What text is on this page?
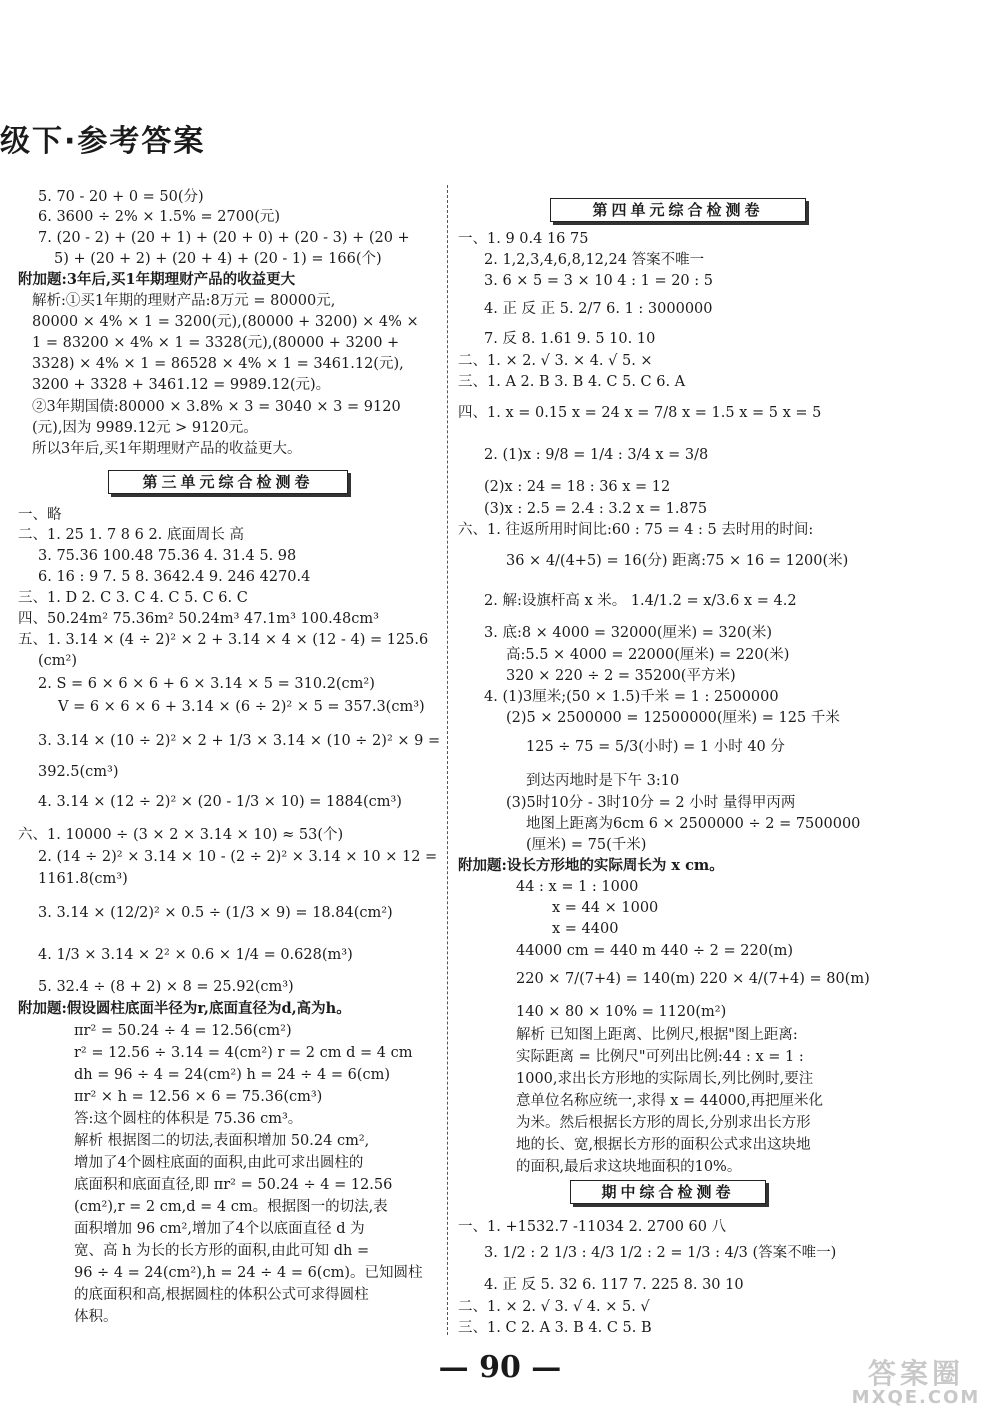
级下·参考答案
5. 70 - 20 + 0 = 50(分)
6. 3600 ÷ 2% × 1.5% = 2700(元)
7. (20 - 2) + (20 + 1) + (20 + 0) + (20 - 3) + (20 +
5) + (20 + 2) + (20 + 4) + (20 - 1) = 166(个)
附加题:3年后,买1年期理财产品的收益更大
解析:①买1年期的理财产品:8万元 = 80000元,
80000 × 4% × 1 = 3200(元),(80000 + 3200) × 4% ×
1 = 83200 × 4% × 1 = 3328(元),(80000 + 3200 +
3328) × 4% × 1 = 86528 × 4% × 1 = 3461.12(元),
3200 + 3328 + 3461.12 = 9989.12(元)。
②3年期国债:80000 × 3.8% × 3 = 3040 × 3 = 9120
(元),因为 9989.12元 > 9120元。
所以3年后,买1年期理财产品的收益更大。
第三单元综合检测卷
一、略
二、1. 25 1. 7 8 6 2. 底面周长 高
3. 75.36 100.48 75.36 4. 31.4 5. 98
6. 16 : 9 7. 5 8. 3642.4 9. 246 4270.4
三、1. D 2. C 3. C 4. C 5. C 6. C
四、50.24m² 75.36m² 50.24m³ 47.1m³ 100.48cm³
五、1. 3.14 × (4 ÷ 2)² × 2 + 3.14 × 4 × (12 - 4) = 125.6
(cm²)
2. S = 6 × 6 × 6 + 6 × 3.14 × 5 = 310.2(cm²)
V = 6 × 6 × 6 + 3.14 × (6 ÷ 2)² × 5 = 357.3(cm³)
3. 3.14 × (10 ÷ 2)² × 2 + 1/3 × 3.14 × (10 ÷ 2)² × 9 =
392.5(cm³)
4. 3.14 × (12 ÷ 2)² × (20 - 1/3 × 10) = 1884(cm³)
六、1. 10000 ÷ (3 × 2 × 3.14 × 10) ≈ 53(个)
2. (14 ÷ 2)² × 3.14 × 10 - (2 ÷ 2)² × 3.14 × 10 × 12 =
1161.8(cm³)
3. 3.14 × (12/2)² × 0.5 ÷ (1/3 × 9) = 18.84(cm²)
4. 1/3 × 3.14 × 2² × 0.6 × 1/4 = 0.628(m³)
5. 32.4 ÷ (8 + 2) × 8 = 25.92(cm³)
附加题:假设圆柱底面半径为r,底面直径为d,高为h。
πr² = 50.24 ÷ 4 = 12.56(cm²)
r² = 12.56 ÷ 3.14 = 4(cm²) r = 2 cm d = 4 cm
dh = 96 ÷ 4 = 24(cm²) h = 24 ÷ 4 = 6(cm)
πr² × h = 12.56 × 6 = 75.36(cm³)
答:这个圆柱的体积是 75.36 cm³。
解析 根据图二的切法,表面积增加 50.24 cm²,
增加了4个圆柱底面的面积,由此可求出圆柱的
底面积和底面直径,即 πr² = 50.24 ÷ 4 = 12.56
(cm²),r = 2 cm,d = 4 cm。根据图一的切法,表
面积增加 96 cm²,增加了4个以底面直径 d 为
宽、高 h 为长的长方形的面积,由此可知 dh =
96 ÷ 4 = 24(cm²),h = 24 ÷ 4 = 6(cm)。已知圆柱
的底面积和高,根据圆柱的体积公式可求得圆柱
体积。
第四单元综合检测卷
一、1. 9 0.4 16 75
2. 1,2,3,4,6,8,12,24 答案不唯一
3. 6 × 5 = 3 × 10 4 : 1 = 20 : 5
4. 正 反 正 5. 2/7 6. 1 : 3000000
7. 反 8. 1.61 9. 5 10. 10
二、1. × 2. √ 3. × 4. √ 5. ×
三、1. A 2. B 3. B 4. C 5. C 6. A
四、1. x = 0.15 x = 24 x = 7/8 x = 1.5 x = 5 x = 5
2. (1)x : 9/8 = 1/4 : 3/4 x = 3/8
(2)x : 24 = 18 : 36 x = 12
(3)x : 2.5 = 2.4 : 3.2 x = 1.875
六、1. 往返所用时间比:60 : 75 = 4 : 5 去时用的时间:
36 × 4/(4+5) = 16(分) 距离:75 × 16 = 1200(米)
2. 解:设旗杆高 x 米。 1.4/1.2 = x/3.6 x = 4.2
3. 底:8 × 4000 = 32000(厘米) = 320(米)
高:5.5 × 4000 = 22000(厘米) = 220(米)
320 × 220 ÷ 2 = 35200(平方米)
4. (1)3厘米;(50 × 1.5)千米 = 1 : 2500000
(2)5 × 2500000 = 12500000(厘米) = 125 千米
125 ÷ 75 = 5/3(小时) = 1 小时 40 分
到达丙地时是下午 3:10
(3)5时10分 - 3时10分 = 2 小时 量得甲丙两
地图上距离为6cm 6 × 2500000 ÷ 2 = 7500000
(厘米) = 75(千米)
附加题:设长方形地的实际周长为 x cm。
44 : x = 1 : 1000
x = 44 × 1000
x = 4400
44000 cm = 440 m 440 ÷ 2 = 220(m)
220 × 7/(7+4) = 140(m) 220 × 4/(7+4) = 80(m)
140 × 80 × 10% = 1120(m²)
解析 已知图上距离、比例尺,根据"图上距离:
实际距离 = 比例尺"可列出比例:44 : x = 1 :
1000,求出长方形地的实际周长,列比例时,要注
意单位名称应统一,求得 x = 44000,再把厘米化
为米。然后根据长方形的周长,分别求出长方形
地的长、宽,根据长方形的面积公式求出这块地
的面积,最后求这块地面积的10%。
期中综合检测卷
一、1. +1532.7 -11034 2. 2700 60 八
3. 1/2 : 2 1/3 : 4/3 1/2 : 2 = 1/3 : 4/3 (答案不唯一)
4. 正 反 5. 32 6. 117 7. 225 8. 30 10
二、1. × 2. √ 3. √ 4. × 5. √
三、1. C 2. A 3. B 4. C 5. B
— 90 —	答案圈
MXQE.COM
